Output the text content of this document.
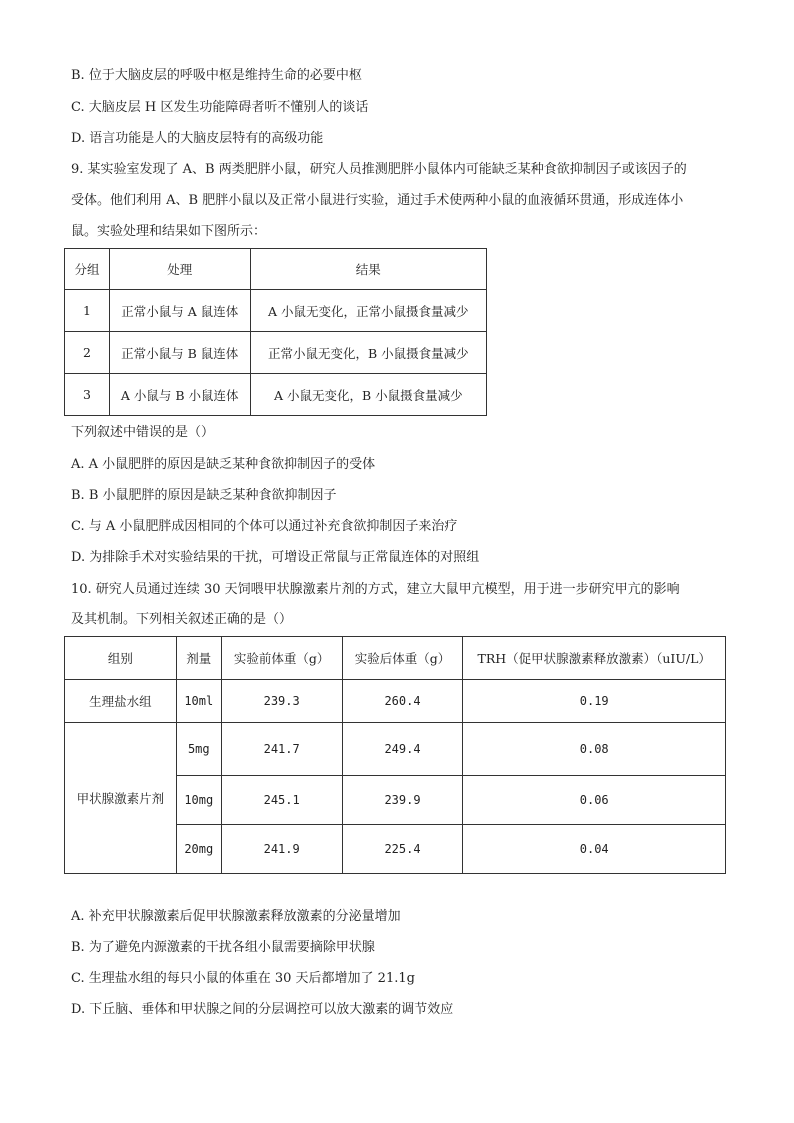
B. 位于大脑皮层的呼吸中枢是维持生命的必要中枢
C. 大脑皮层 H 区发生功能障碍者听不懂别人的谈话
D. 语言功能是人的大脑皮层特有的高级功能
9. 某实验室发现了 A、B 两类肥胖小鼠，研究人员推测肥胖小鼠体内可能缺乏某种食欲抑制因子或该因子的
受体。他们利用 A、B 肥胖小鼠以及正常小鼠进行实验，通过手术使两种小鼠的血液循环贯通，形成连体小
鼠。实验处理和结果如下图所示：
分组	处理	结果
1	正常小鼠与 A 鼠连体	A 小鼠无变化，正常小鼠摄食量减少
2	正常小鼠与 B 鼠连体	正常小鼠无变化，B 小鼠摄食量减少
3	A 小鼠与 B 小鼠连体	A 小鼠无变化，B 小鼠摄食量减少
下列叙述中错误的是（）
A. A 小鼠肥胖的原因是缺乏某种食欲抑制因子的受体
B. B 小鼠肥胖的原因是缺乏某种食欲抑制因子
C. 与 A 小鼠肥胖成因相同的个体可以通过补充食欲抑制因子来治疗
D. 为排除手术对实验结果的干扰，可增设正常鼠与正常鼠连体的对照组
10. 研究人员通过连续 30 天饲喂甲状腺激素片剂的方式，建立大鼠甲亢模型，用于进一步研究甲亢的影响
及其机制。下列相关叙述正确的是（）
组别	剂量	实验前体重（g）	实验后体重（g）	TRH（促甲状腺激素释放激素）（uIU/L）
生理盐水组	10ml	239.3	260.4	0.19
甲状腺激素片剂	5mg	241.7	249.4	0.08
	10mg	245.1	239.9	0.06
	20mg	241.9	225.4	0.04
A. 补充甲状腺激素后促甲状腺激素释放激素的分泌量增加
B. 为了避免内源激素的干扰各组小鼠需要摘除甲状腺
C. 生理盐水组的每只小鼠的体重在 30 天后都增加了 21.1g
D. 下丘脑、垂体和甲状腺之间的分层调控可以放大激素的调节效应
